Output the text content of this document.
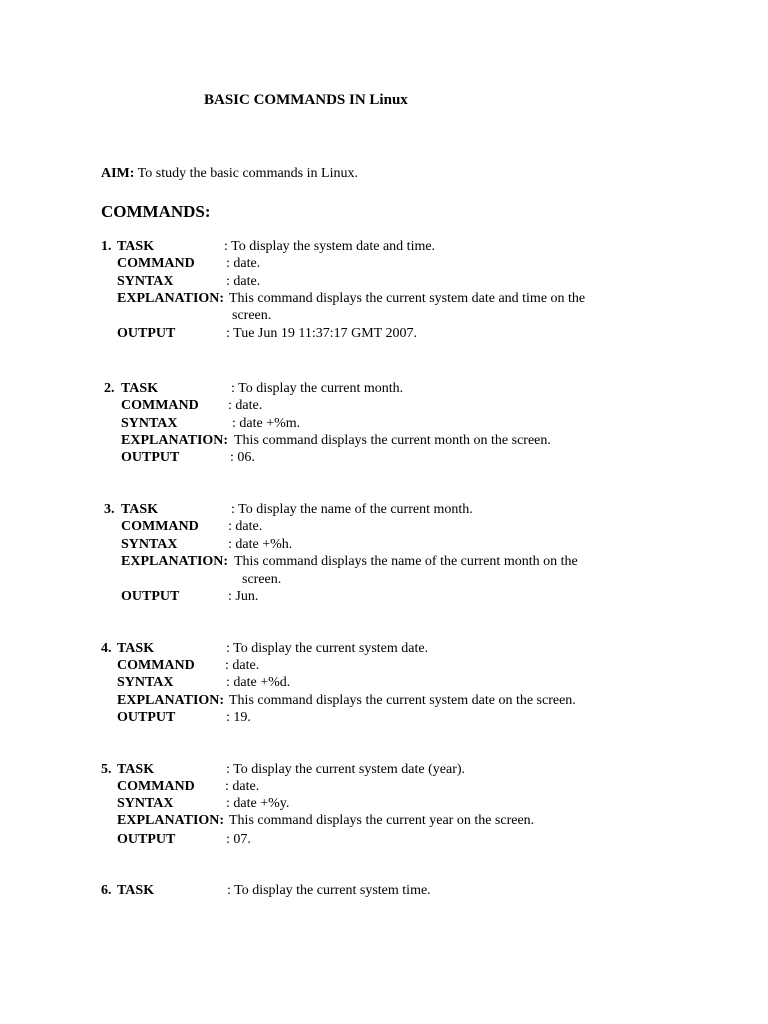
BASIC COMMANDS IN Linux
AIM: To study the basic commands in Linux.
COMMANDS:
1. TASK	: To display the system date and time.
COMMAND : date.
SYNTAX	: date.
EXPLANATION: This command displays the current system date and time on the
screen.
OUTPUT	: Tue Jun 19 11:37:17 GMT 2007.
2. TASK	: To display the current month.
COMMAND : date.
SYNTAX	: date +%m.
EXPLANATION: This command displays the current month on the screen.
OUTPUT	: 06.
3. TASK	: To display the name of the current month.
COMMAND : date.
SYNTAX	: date +%h.
EXPLANATION: This command displays the name of the current month on the
screen.
OUTPUT	: Jun.
4. TASK	: To display the current system date.
COMMAND : date.
SYNTAX	: date +%d.
EXPLANATION: This command displays the current system date on the screen.
OUTPUT	: 19.
5. TASK	: To display the current system date (year).
COMMAND : date.
SYNTAX	: date +%y.
EXPLANATION: This command displays the current year on the screen.
OUTPUT	: 07.
6. TASK	: To display the current system time.
